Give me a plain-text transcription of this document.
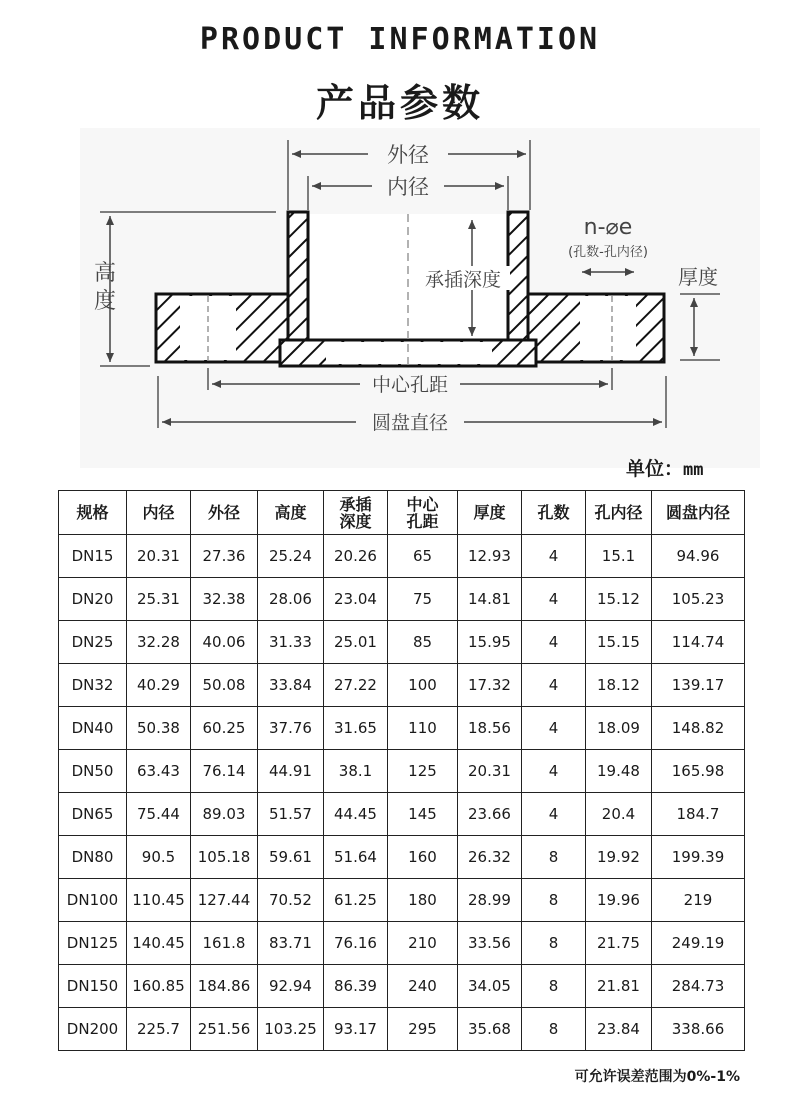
PRODUCT INFORMATION
产品参数
外径
内径
高
度
承插深度
n-⌀e
(孔数-孔内径)
厚度
中心孔距
圆盘直径
单位：mm
规格	内径	外径	高度	承插深度	中心孔距	厚度	孔数	孔内径	圆盘内径
DN15	20.31	27.36	25.24	20.26	65	12.93	4	15.1	94.96
DN20	25.31	32.38	28.06	23.04	75	14.81	4	15.12	105.23
DN25	32.28	40.06	31.33	25.01	85	15.95	4	15.15	114.74
DN32	40.29	50.08	33.84	27.22	100	17.32	4	18.12	139.17
DN40	50.38	60.25	37.76	31.65	110	18.56	4	18.09	148.82
DN50	63.43	76.14	44.91	38.1	125	20.31	4	19.48	165.98
DN65	75.44	89.03	51.57	44.45	145	23.66	4	20.4	184.7
DN80	90.5	105.18	59.61	51.64	160	26.32	8	19.92	199.39
DN100	110.45	127.44	70.52	61.25	180	28.99	8	19.96	219
DN125	140.45	161.8	83.71	76.16	210	33.56	8	21.75	249.19
DN150	160.85	184.86	92.94	86.39	240	34.05	8	21.81	284.73
DN200	225.7	251.56	103.25	93.17	295	35.68	8	23.84	338.66
可允许误差范围为0%-1%
